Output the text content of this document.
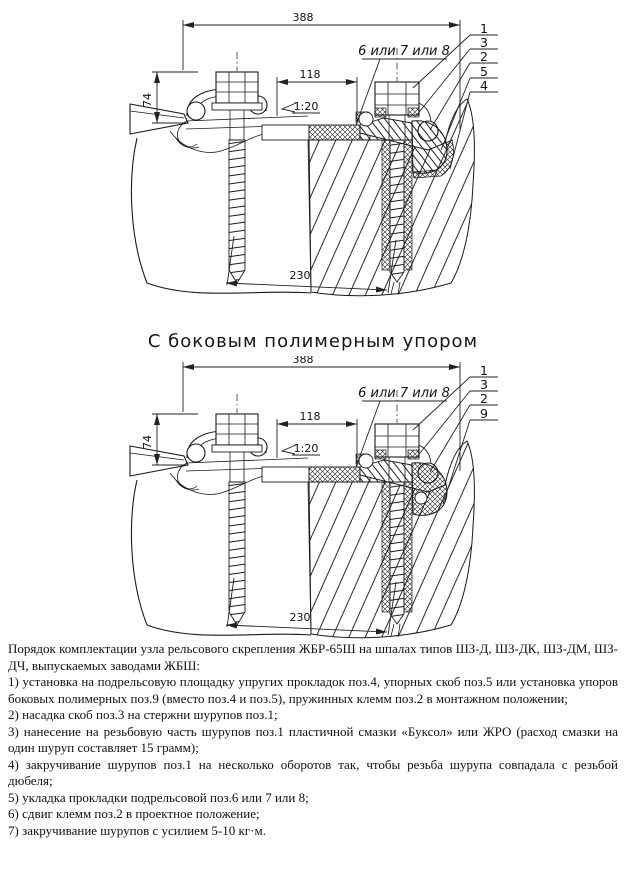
1
3
2
5
4
6 или 7 или 8
388
118
1:20
74
230
С боковым полимерным упором
1
3
2
9
6 или 7 или 8
388
118
1:20
74
230

Порядок комплектации узла рельсового скрепления ЖБР-65Ш на шпалах типов ШЗ-Д, ШЗ-ДК, ШЗ-ДМ, ШЗ-ДЧ, выпускаемых заводами ЖБШ:

1) установка на подрельсовую площадку упругих прокладок поз.4, упорных скоб поз.5 или установка упоров боковых полимерных поз.9 (вместо поз.4 и поз.5), пружинных клемм поз.2 в монтажном положении;

2) насадка скоб поз.3 на стержни шурупов поз.1;

3) нанесение на резьбовую часть шурупов поз.1 пластичной смазки «Буксол» или ЖРО (расход смазки на один шуруп составляет 15 грамм);

4) закручивание шурупов поз.1 на несколько оборотов так, чтобы резьба шурупа совпадала с резьбой дюбеля;

5) укладка прокладки подрельсовой поз.6 или 7 или 8;

6) сдвиг клемм поз.2 в проектное положение;

7) закручивание шурупов с усилием 5-10 кг·м.
